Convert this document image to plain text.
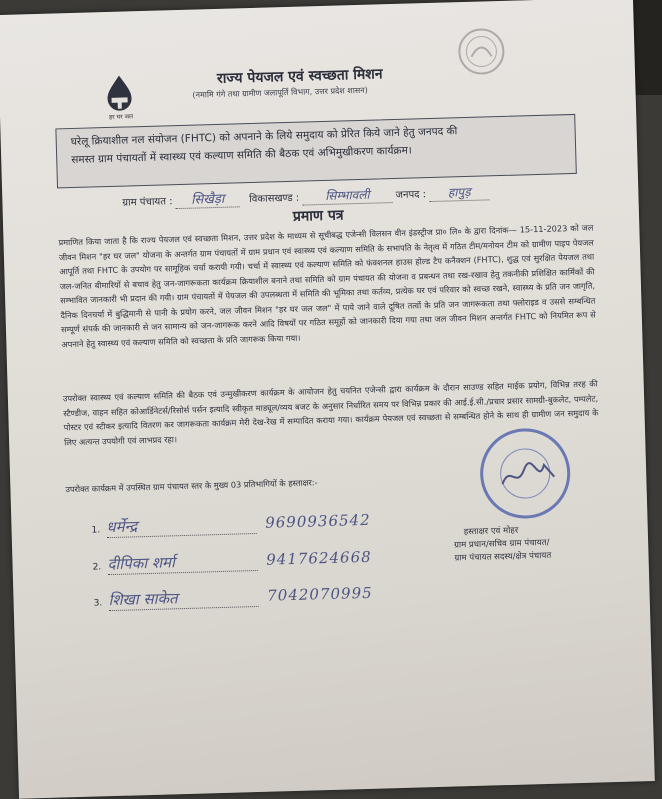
हर घर जल
राज्य पेयजल एवं स्वच्छता मिशन
(नमामि गंगे तथा ग्रामीण जलापूर्ति विभाग, उत्तर प्रदेश शासन)
घरेलू क्रियाशील नल संयोजन (FHTC) को अपनाने के लिये समुदाय को प्रेरित किये जाने हेतु जनपद की
समस्त ग्राम पंचायतों में स्वास्थ्य एवं कल्याण समिति की बैठक एवं अभिमुखीकरण कार्यक्रम।
ग्राम पंचायत : सिखैड़ा विकासखण्ड : सिम्भावली	जनपद : हापुड़
प्रमाण पत्र
प्रमाणित किया जाता है कि राज्य पेयजल एवं स्वच्छता मिशन, उत्तर प्रदेश के माध्यम से सूचीबद्ध एजेन्सी विलसन वीन इंडस्ट्रीज प्रा० लि० के द्वारा दिनांक— 15-11-2023 को जल जीवन मिशन "हर घर जल" योजना के अन्तर्गत ग्राम पंचायतों में ग्राम प्रधान एवं स्वास्थ्य एवं कल्याण समिति के सभापति के नेतृत्व में गठित टीम/मनोयन टीम को ग्रामीण पाइप पेयजल आपूर्ति तथा FHTC के उपयोग पर सामूहिक चर्चा करायी गयी। चर्चा में स्वास्थ्य एवं कल्याण समिति को फंक्शनल हाउस होल्ड टैप कनैक्शन (FHTC), शुद्ध एवं सुरक्षित पेयजल तथा जल-जनित बीमारियों से बचाव हेतु जन-जागरूकता कार्यक्रम क्रियाशील बनाने तथा समिति को ग्राम पंचायत की योजना व प्रबन्धन तथा रख-रखाव हेतु तकनीकी प्रशिक्षित कार्मिकों की सम्भावित जानकारी भी प्रदान की गयी। ग्राम पंचायतों में पेयजल की उपलब्धता में समिति की भूमिका तथा कर्तव्य, प्रत्येक घर एवं परिवार को स्वच्छ रखने, स्वास्थ्य के प्रति जन जागृति, दैनिक दिनचर्या में बुद्धिमानी से पानी के प्रयोग करने, जल जीवन मिशन "हर घर जल जल" में पाये जाने वाले दूषित तत्वों के प्रति जन जागरूकता तथा फ्लोराइड व उससे सम्बन्धित सम्पूर्ण संपर्क की जानकारी से जन सामान्य को जन-जागरूक करने आदि विषयों पर गठित समूहों को जानकारी दिया गया तथा जल जीवन मिशन अन्तर्गत FHTC को नियमित रूप से अपनाने हेतु स्वास्थ्य एवं कल्याण समिति को स्वच्छता के प्रति जागरूक किया गया।
उपरोक्त स्वास्थ्य एवं कल्याण समिति की बैठक एवं उन्मुखीकरण कार्यक्रम के आयोजन हेतु चयनित एजेन्सी द्वारा कार्यक्रम के दौरान साउण्ड सहित माईक प्रयोग, विभिन्न तरह की स्टैण्डीज, वाहन सहित कोआर्डिनेटर्स/रिसोर्स पर्सन इत्यादि स्वीकृत माड्यूल/व्यय बजट के अनुसार निर्धारित समय पर विभिन्न प्रकार की आई.ई.सी./प्रचार प्रसार सामग्री-बुकलेट, पम्पलेट, पोस्टर एवं स्टीकर इत्यादि वितरण कर जागरूकता कार्यक्रम मेरी देख-रेख में सम्पादित कराया गया। कार्यक्रम पेयजल एवं स्वच्छता से सम्बन्धित होने के साथ ही ग्रामीण जन समुदाय के लिए अत्यन्त उपयोगी एवं लाभप्रद रहा।
उपरोक्त कार्यक्रम में उपस्थित ग्राम पंचायत स्तर के मुख्य 03 प्रतिभागियों के हस्ताक्षर:-
1. धर्मेन्द्र	9690936542
2. दीपिका शर्मा	9417624668
3. शिखा साकेत	7042070995
हस्ताक्षर एवं मोहर
ग्राम प्रधान/सचिव ग्राम पंचायत/
ग्राम पंचायत सदस्य/क्षेत्र पंचायत
